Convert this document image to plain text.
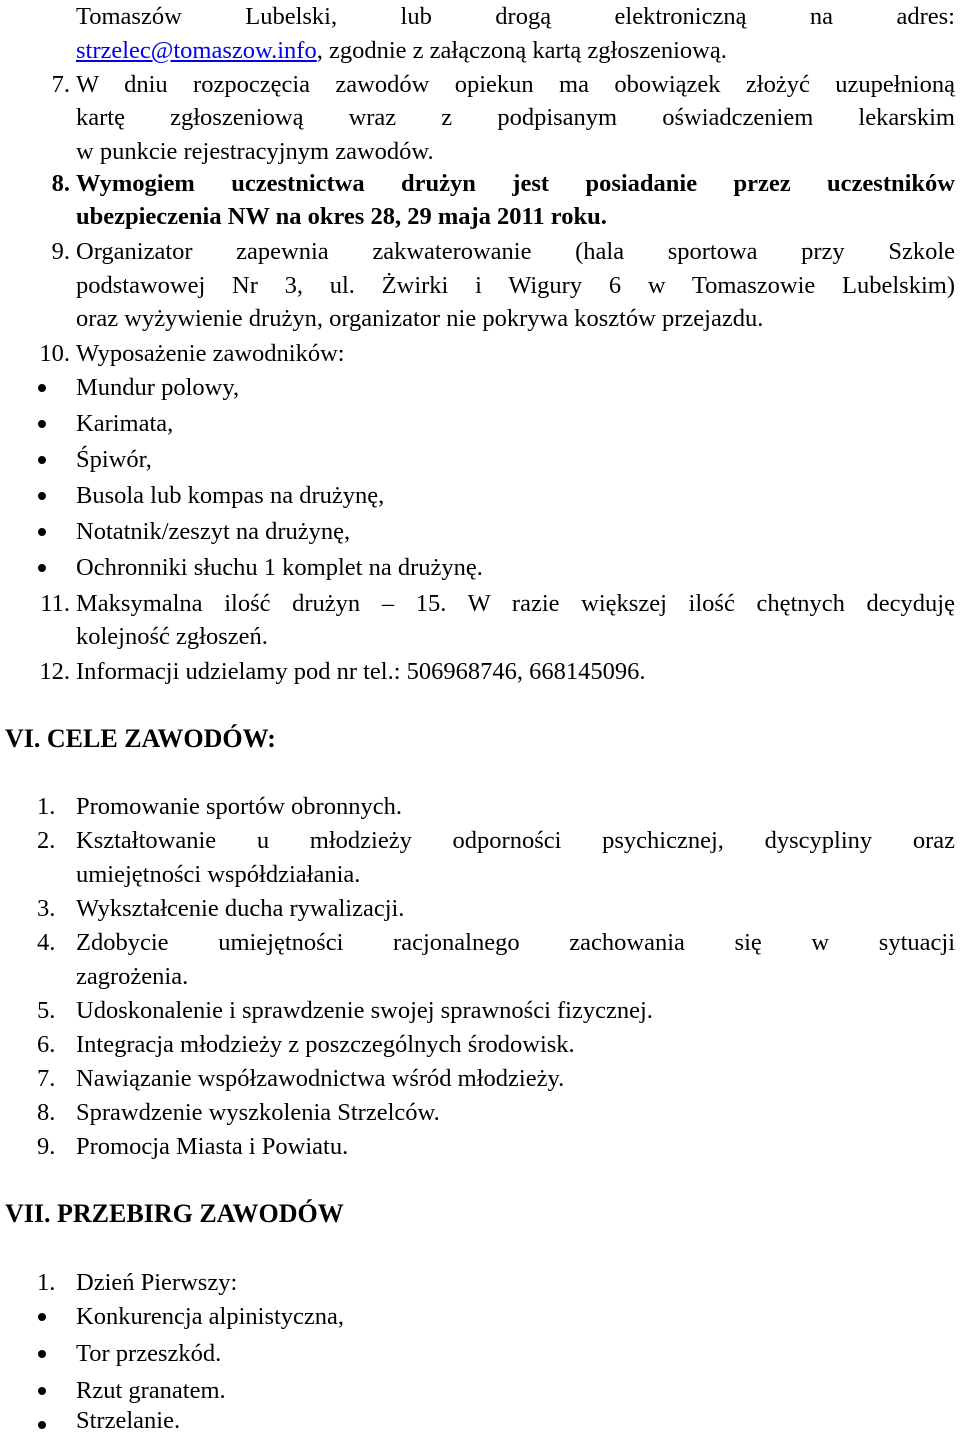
Tomaszów Lubelski, lub drogą elektroniczną na adres:
strzelec@tomaszow.info, zgodnie z załączoną kartą zgłoszeniową.
7. W dniu rozpoczęcia zawodów opiekun ma obowiązek złożyć uzupełnioną
kartę zgłoszeniową wraz z podpisanym oświadczeniem lekarskim
w punkcie rejestracyjnym zawodów.
8. Wymogiem uczestnictwa drużyn jest posiadanie przez uczestników
ubezpieczenia NW na okres 28, 29 maja 2011 roku.
9. Organizator zapewnia zakwaterowanie (hala sportowa przy Szkole
podstawowej Nr 3, ul. Żwirki i Wigury 6 w Tomaszowie Lubelskim)
oraz wyżywienie drużyn, organizator nie pokrywa kosztów przejazdu.
10. Wyposażenie zawodników:
Mundur polowy,
Karimata,
Śpiwór,
Busola lub kompas na drużynę,
Notatnik/zeszyt na drużynę,
Ochronniki słuchu 1 komplet na drużynę.
11. Maksymalna ilość drużyn – 15. W razie większej ilość chętnych decyduję
kolejność zgłoszeń.
12. Informacji udzielamy pod nr tel.: 506968746, 668145096.
VI. CELE ZAWODÓW:
1. Promowanie sportów obronnych.
2. Kształtowanie u młodzieży odporności psychicznej, dyscypliny oraz
umiejętności współdziałania.
3. Wykształcenie ducha rywalizacji.
4. Zdobycie umiejętności racjonalnego zachowania się w sytuacji
zagrożenia.
5. Udoskonalenie i sprawdzenie swojej sprawności fizycznej.
6. Integracja młodzieży z poszczególnych środowisk.
7. Nawiązanie współzawodnictwa wśród młodzieży.
8. Sprawdzenie wyszkolenia Strzelców.
9. Promocja Miasta i Powiatu.
VII. PRZEBIRG ZAWODÓW
1. Dzień Pierwszy:
Konkurencja alpinistyczna,
Tor przeszkód.
Rzut granatem.
Strzelanie.
